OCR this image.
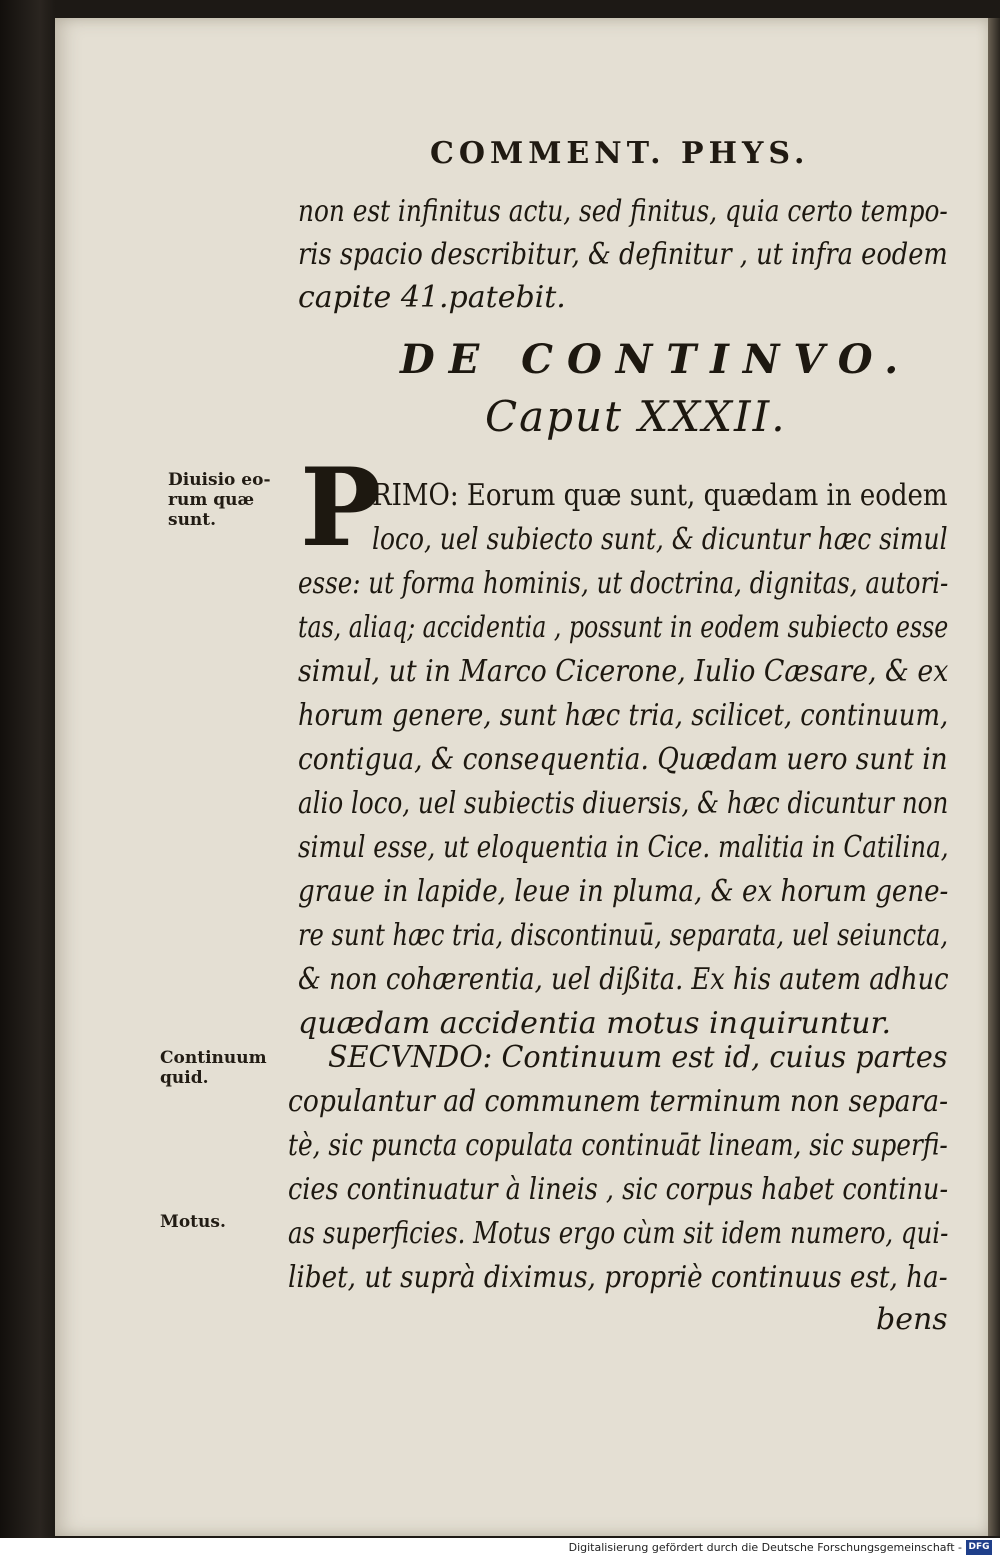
COMMENT. PHYS.
non est infinitus actu, sed finitus, quia certo tempo-
ris spacio describitur, & definitur , ut infra eodem
capite 41.patebit.
DE CONTINVO.
Caput XXXII.
Diuisio eo-
rum quæ
sunt.
Continuum
quid.
Motus.
P
RIMO: Eorum quæ sunt, quædam in eodem
loco, uel subiecto sunt, & dicuntur hæc simul
esse: ut forma hominis, ut doctrina, dignitas, autori-
tas, aliaq; accidentia , possunt in eodem subiecto esse
simul, ut in Marco Cicerone, Iulio Cæsare, & ex
horum genere, sunt hæc tria, scilicet, continuum,
contigua, & consequentia. Quædam uero sunt in
alio loco, uel subiectis diuersis, & hæc dicuntur non
simul esse, ut eloquentia in Cice. malitia in Catilina,
graue in lapide, leue in pluma, & ex horum gene-
re sunt hæc tria, discontinuū, separata, uel seiuncta,
& non cohærentia, uel dißita. Ex his autem adhuc
quædam accidentia motus inquiruntur.
SECVNDO: Continuum est id, cuius partes
copulantur ad communem terminum non separa-
tè, sic puncta copulata continuāt lineam, sic superfi-
cies continuatur à lineis , sic corpus habet continu-
as superficies. Motus ergo cùm sit idem numero, qui-
libet, ut suprà diximus, propriè continuus est, ha-
bens
Digitalisierung gefördert durch die Deutsche Forschungsgemeinschaft - DFG
